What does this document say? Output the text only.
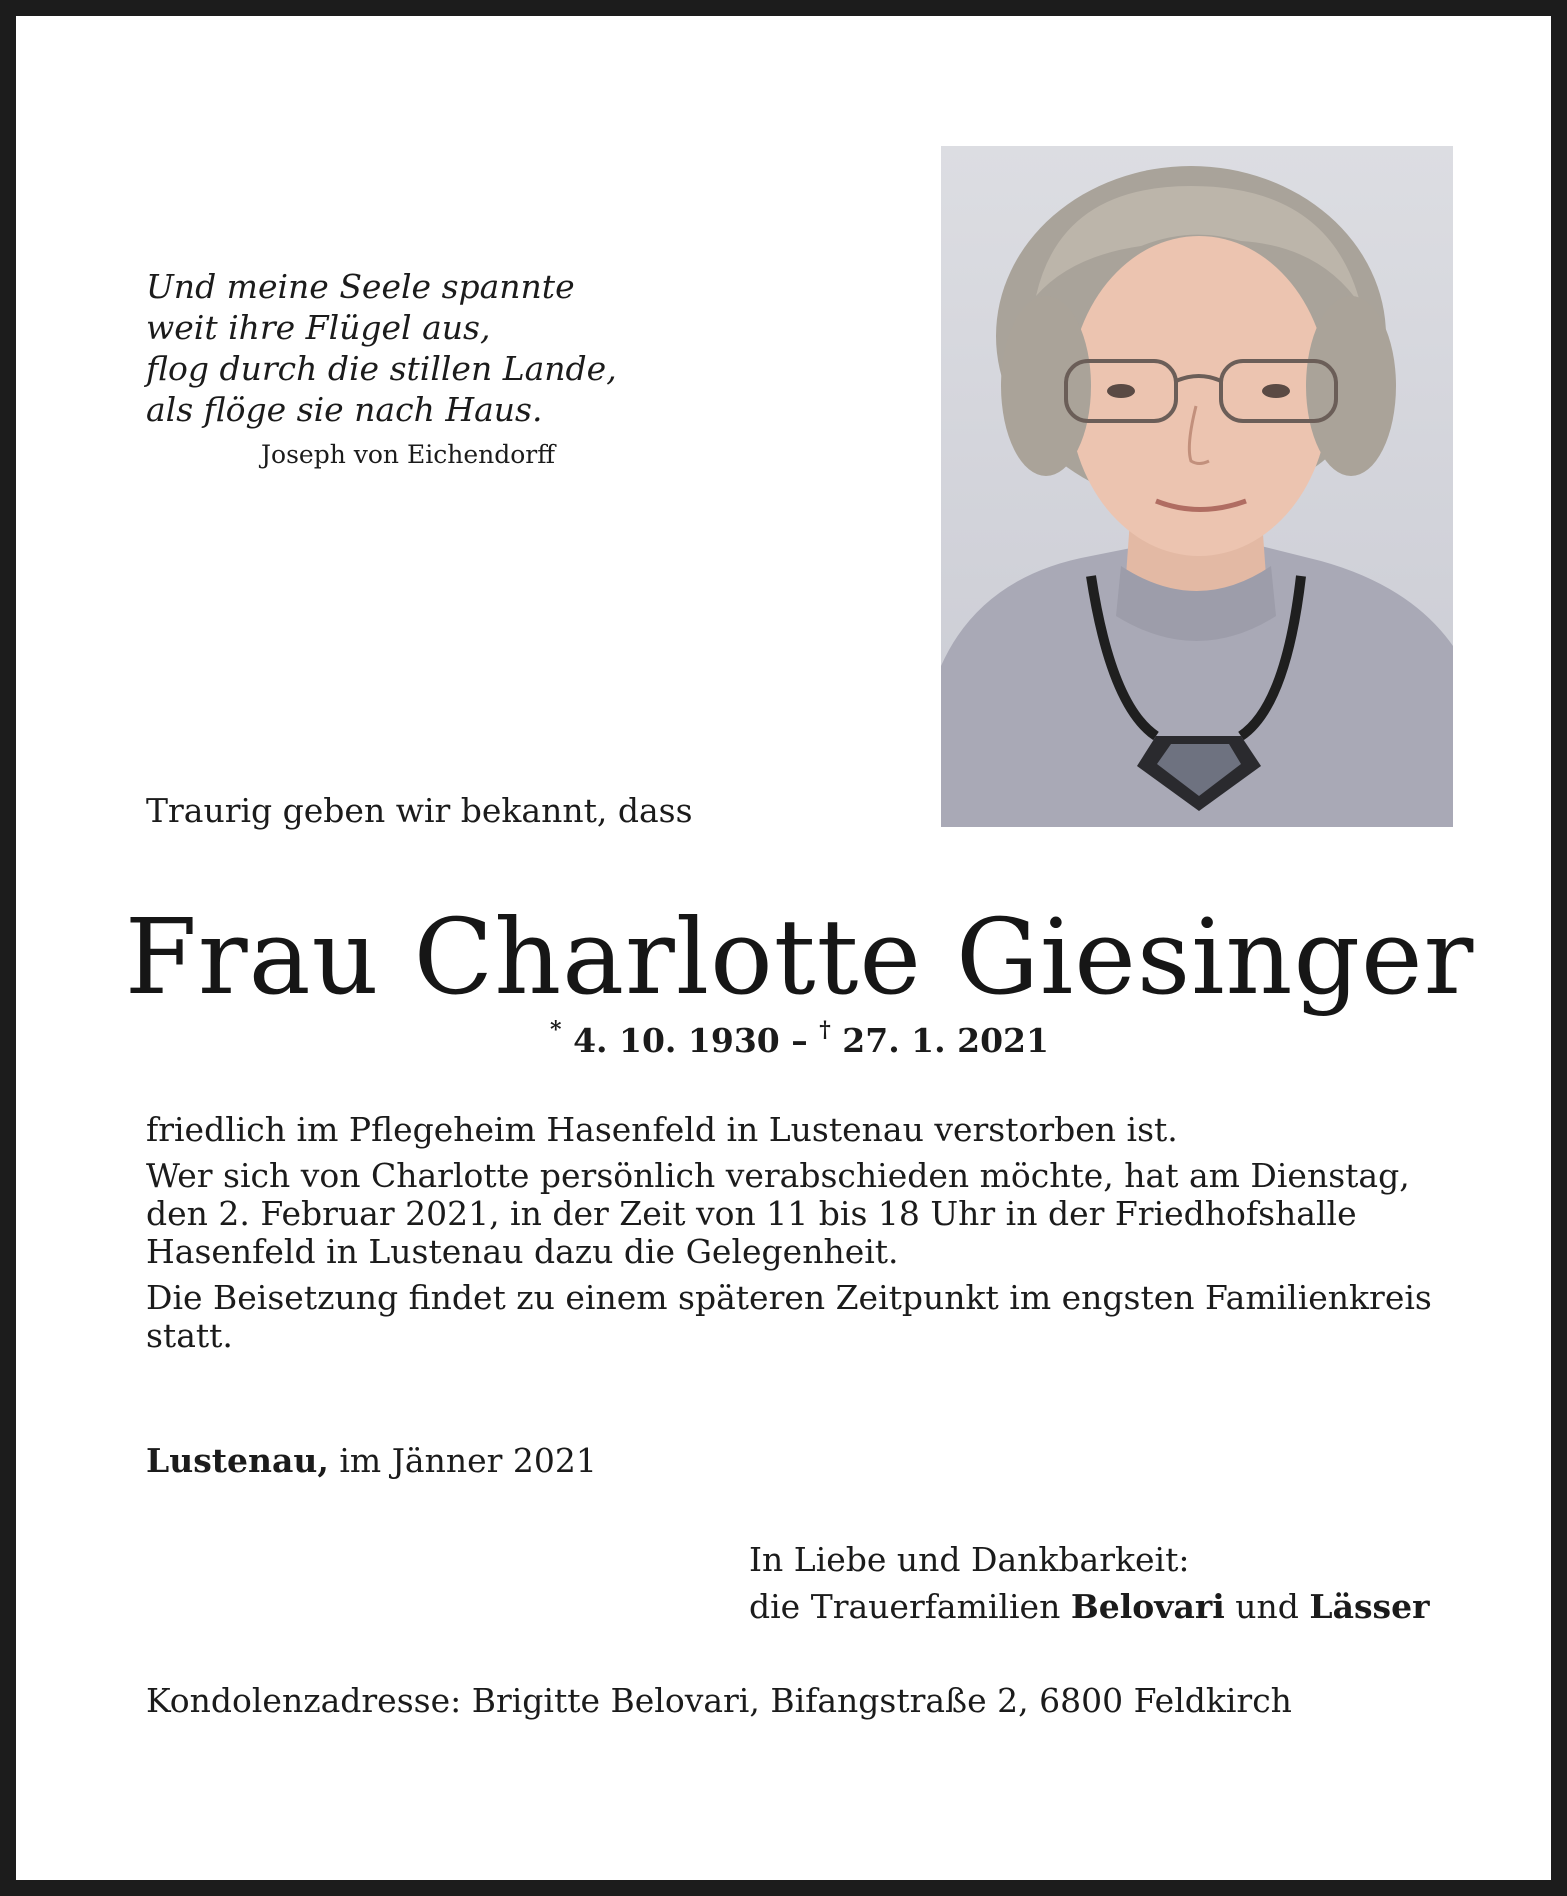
Und meine Seele spannte
weit ihre Flügel aus,
flog durch die stillen Lande,
als flöge sie nach Haus.
Joseph von Eichendorff
Traurig geben wir bekannt, dass
Frau Charlotte Giesinger
* 4. 10. 1930 – † 27. 1. 2021

friedlich im Pflegeheim Hasenfeld in Lustenau verstorben ist.

Wer sich von Charlotte persönlich verabschieden möchte, hat am Dienstag, den 2. Februar 2021, in der Zeit von 11 bis 18 Uhr in der Friedhofshalle Hasenfeld in Lustenau dazu die Gelegenheit.

Die Beisetzung findet zu einem späteren Zeitpunkt im engsten Familienkreis statt.

Lustenau, im Jänner 2021
In Liebe und Dankbarkeit:
die Trauerfamilien Belovari und Lässer
Kondolenzadresse: Brigitte Belovari, Bifangstraße 2, 6800 Feldkirch
